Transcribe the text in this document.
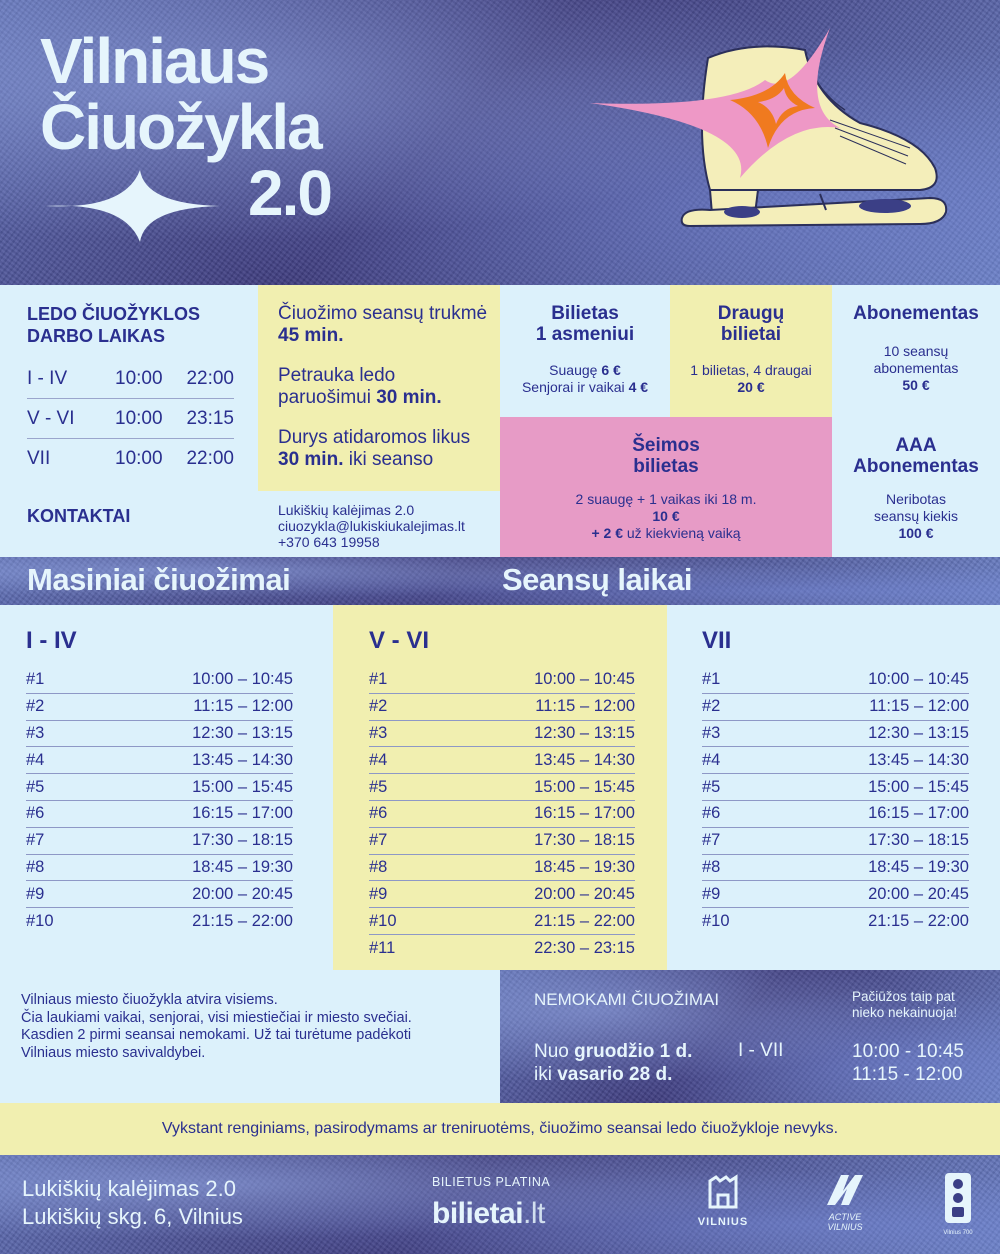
Vilniaus
Čiuožykla
2.0
LEDO ČIUOŽYKLOS
DARBO LAIKAS
I - IV	10:00	22:00
V - VI	10:00	23:15
VII	10:00	22:00
KONTAKTAI
Čiuožimo seansų trukmė 45 min.
Petrauka ledo paruošimui 30 min.
Durys atidaromos likus 30 min. iki seanso
Lukiškių kalėjimas 2.0
ciuozykla@lukiskiukalejimas.lt
+370 643 19958
Bilietas
1 asmeniui
Suaugę 6 €
Senjorai ir vaikai 4 €
Draugų
bilietai
1 bilietas, 4 draugai
20 €
Abonementas
10 seansų
abonementas
50 €
Šeimos
bilietas
2 suaugę + 1 vaikas iki 18 m.
10 €
+ 2 € už kiekvieną vaiką
AAA
Abonementas
Neribotas
seansų kiekis
100 €
Masiniai čiuožimai	Seansų laikai
I - IV
#1	10:00 – 10:45
#2	11:15 – 12:00
#3	12:30 – 13:15
#4	13:45 – 14:30
#5	15:00 – 15:45
#6	16:15 – 17:00
#7	17:30 – 18:15
#8	18:45 – 19:30
#9	20:00 – 20:45
#10	21:15 – 22:00
V - VI
#1	10:00 – 10:45
#2	11:15 – 12:00
#3	12:30 – 13:15
#4	13:45 – 14:30
#5	15:00 – 15:45
#6	16:15 – 17:00
#7	17:30 – 18:15
#8	18:45 – 19:30
#9	20:00 – 20:45
#10	21:15 – 22:00
#11	22:30 – 23:15
VII
#1	10:00 – 10:45
#2	11:15 – 12:00
#3	12:30 – 13:15
#4	13:45 – 14:30
#5	15:00 – 15:45
#6	16:15 – 17:00
#7	17:30 – 18:15
#8	18:45 – 19:30
#9	20:00 – 20:45
#10	21:15 – 22:00
Vilniaus miesto čiuožykla atvira visiems.
Čia laukiami vaikai, senjorai, visi miestiečiai ir miesto svečiai.
Kasdien 2 pirmi seansai nemokami. Už tai turėtume padėkoti
Vilniaus miesto savivaldybei.
NEMOKAMI ČIUOŽIMAI	Pačiūžos taip pat
nieko nekainuoja!
Nuo gruodžio 1 d.
iki vasario 28 d.
I - VII	10:00 - 10:45
11:15 - 12:00
Vykstant renginiams, pasirodymams ar treniruotėms, čiuožimo seansai ledo čiuožykloje nevyks.
Lukiškių kalėjimas 2.0
Lukiškių skg. 6, Vilnius
BILIETUS PLATINA
bilietai.lt	VILNIUS	ACTIVE
VILNIUS
Vilnius 700
